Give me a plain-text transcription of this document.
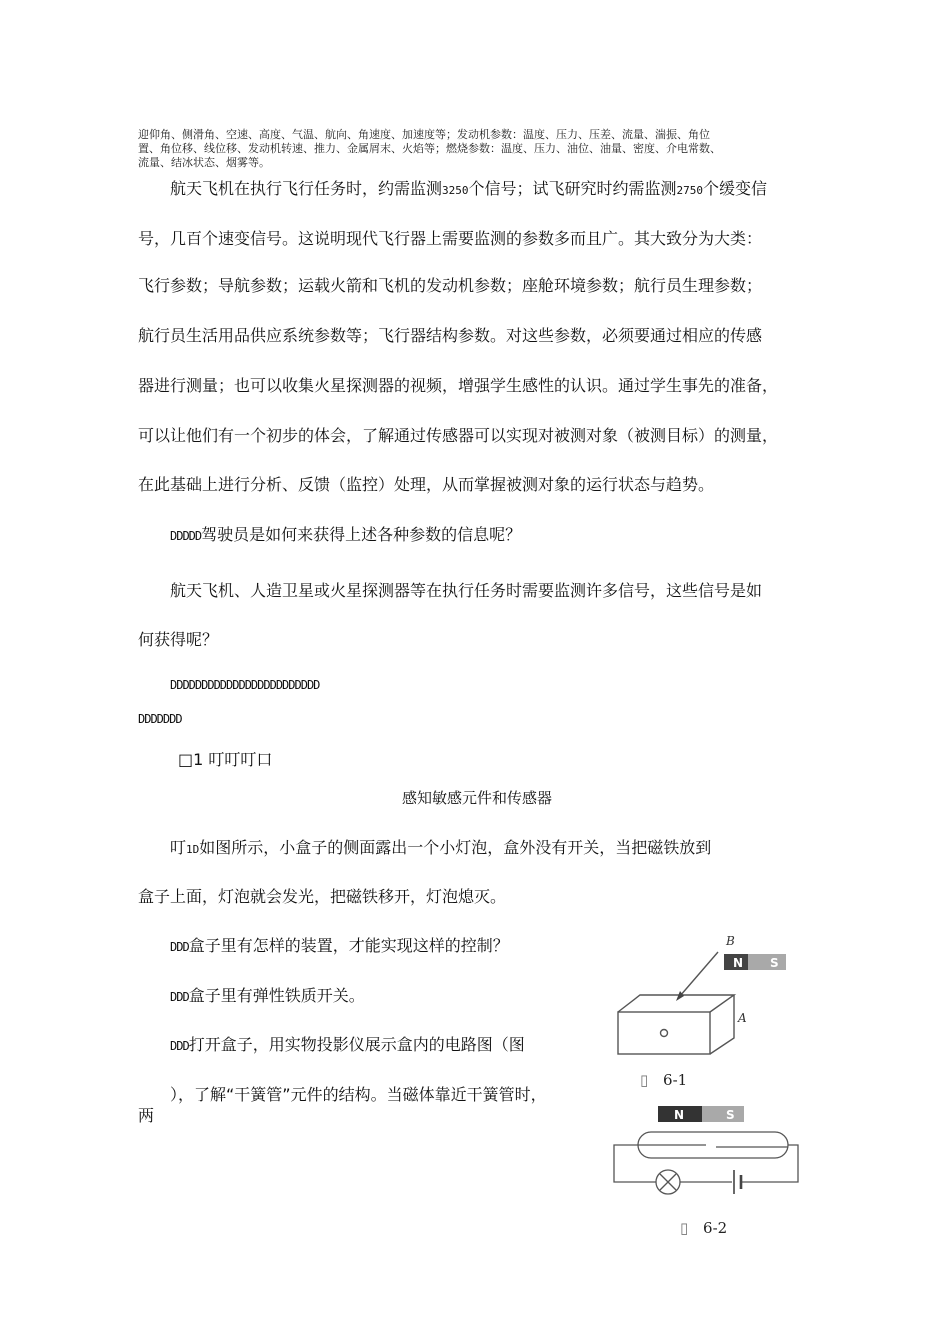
迎仰角、侧滑角、空速、高度、气温、航向、角速度、加速度等；发动机参数：温度、压力、压差、流量、湍振、角位
置、角位移、线位移、发动机转速、推力、金属屑末、火焰等；燃烧参数：温度、压力、油位、油量、密度、介电常数、
流量、结冰状态、烟雾等。
航天飞机在执行飞行任务时，约需监测3250个信号；试飞研究时约需监测2750个缓变信
号，几百个速变信号。这说明现代飞行器上需要监测的参数多而且广。其大致分为大类：
飞行参数；导航参数；运载火箭和飞机的发动机参数；座舱环境参数；航行员生理参数；
航行员生活用品供应系统参数等；飞行器结构参数。对这些参数，必须要通过相应的传感
器进行测量；也可以收集火星探测器的视频，增强学生感性的认识。通过学生事先的准备，
可以让他们有一个初步的体会，了解通过传感器可以实现对被测对象（被测目标）的测量，
在此基础上进行分析、反馈（监控）处理，从而掌握被测对象的运行状态与趋势。
DDDDD驾驶员是如何来获得上述各种参数的信息呢？
航天飞机、人造卫星或火星探测器等在执行任务时需要监测许多信号，这些信号是如
何获得呢？
DDDDDDDDDDDDDDDDDDDDDDDD
DDDDDDD
□1 叮叮叮口
感知敏感元件和传感器
叮1D如图所示，小盒子的侧面露出一个小灯泡，盒外没有开关，当把磁铁放到
盒子上面，灯泡就会发光，把磁铁移开，灯泡熄灭。
DDD盒子里有怎样的装置，才能实现这样的控制？
DDD盒子里有弹性铁质开关。
DDD打开盒子，用实物投影仪展示盒内的电路图（图
），了解“干簧管”元件的结构。当磁体靠近干簧管时，
两
N S
B
A
▯ 6-1
N	S
▯ 6-2
